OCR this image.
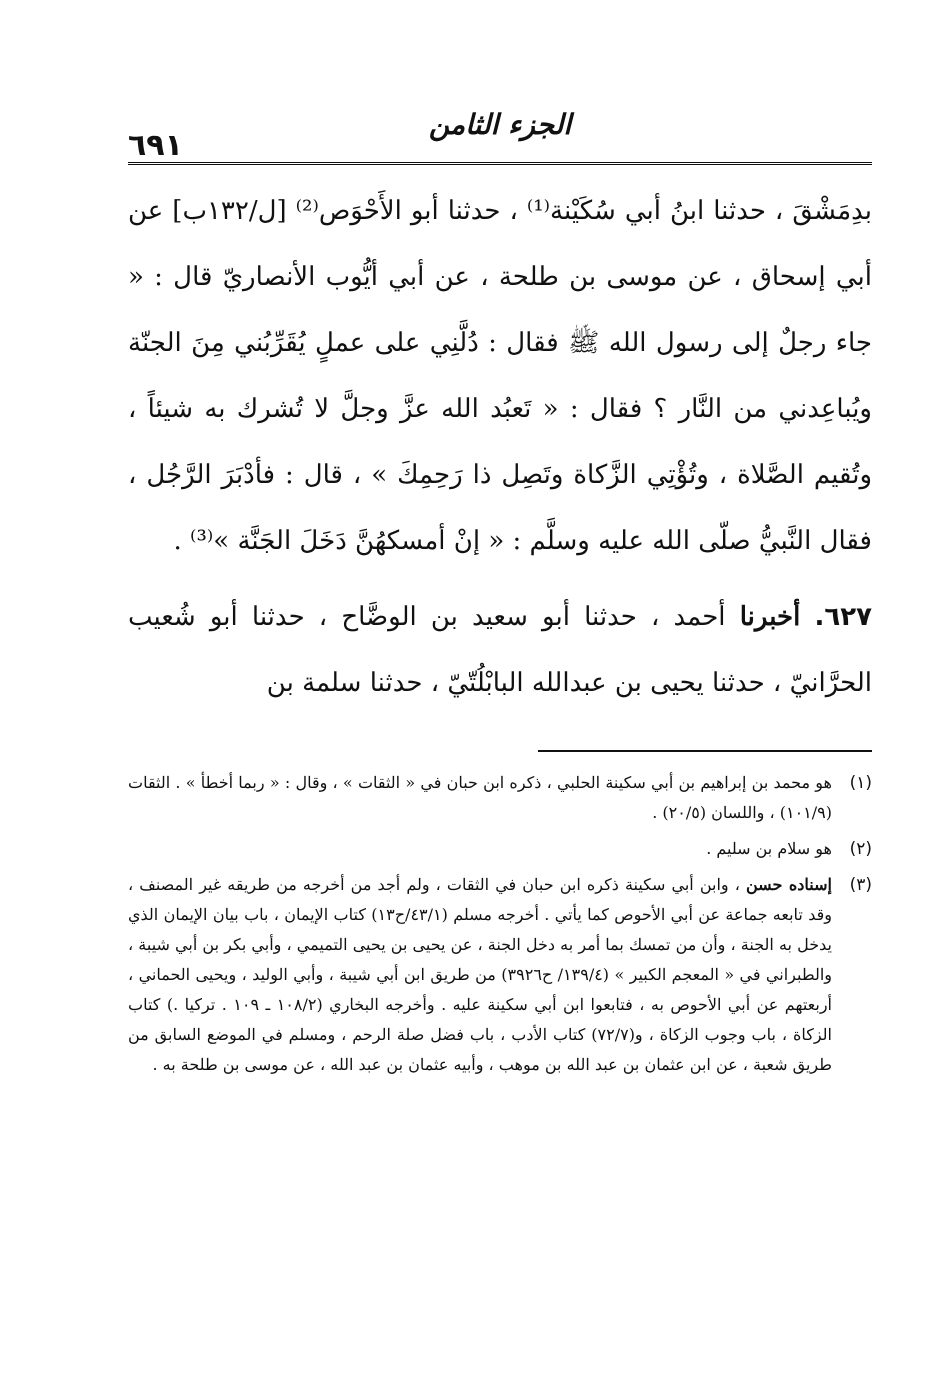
٦٩١
الجزء الثامن

بدِمَشْقَ ، حدثنا ابنُ أبي سُكَيْنة⁽¹⁾ ، حدثنا أبو الأَحْوَص⁽²⁾ [ل/١٣٢ب] عن أبي إسحاق ، عن موسى بن طلحة ، عن أبي أيُّوب الأنصاريّ قال : « جاء رجلٌ إلى رسول الله ﷺ فقال : دُلَّنِي على عملٍ يُقَرِّبُني مِنَ الجنّة ويُباعِدني من النَّار ؟ فقال : « تَعبُد الله عزَّ وجلَّ لا تُشرك به شيئاً ، وتُقيم الصَّلاة ، وتُؤْتِي الزَّكاة وتَصِل ذا رَحِمِكَ » ، قال : فأدْبَرَ الرَّجُل ، فقال النَّبيُّ صلّى الله عليه وسلَّم : « إنْ أمسكهُنَّ دَخَلَ الجَنَّة »⁽³⁾ .

٦٢٧. أخبرنا أحمد ، حدثنا أبو سعيد بن الوضَّاح ، حدثنا أبو شُعيب الحرَّانيّ ، حدثنا يحيى بن عبدالله البابْلُتّيّ ، حدثنا سلمة بن

(١)
هو محمد بن إبراهيم بن أبي سكينة الحلبي ، ذكره ابن حبان في « الثقات » ، وقال : « ربما أخطأ » . الثقات (١٠١/٩) ، واللسان (٢٠/٥) .
(٢)
هو سلام بن سليم .
(٣)
إسناده حسن ، وابن أبي سكينة ذكره ابن حبان في الثقات ، ولم أجد من أخرجه من طريقه غير المصنف ، وقد تابعه جماعة عن أبي الأحوص كما يأتي . أخرجه مسلم (٤٣/١/ح١٣) كتاب الإيمان ، باب بيان الإيمان الذي يدخل به الجنة ، وأن من تمسك بما أمر به دخل الجنة ، عن يحيى بن يحيى التميمي ، وأبي بكر بن أبي شيبة ، والطبراني في « المعجم الكبير » (١٣٩/٤/ ح٣٩٢٦) من طريق ابن أبي شيبة ، وأبي الوليد ، ويحيى الحماني ، أربعتهم عن أبي الأحوص به ، فتابعوا ابن أبي سكينة عليه . وأخرجه البخاري (١٠٨/٢ ـ ١٠٩ . تركيا .) كتاب الزكاة ، باب وجوب الزكاة ، و(٧٢/٧) كتاب الأدب ، باب فضل صلة الرحم ، ومسلم في الموضع السابق من طريق شعبة ، عن ابن عثمان بن عبد الله بن موهب ، وأبيه عثمان بن عبد الله ، عن موسى بن طلحة به .
